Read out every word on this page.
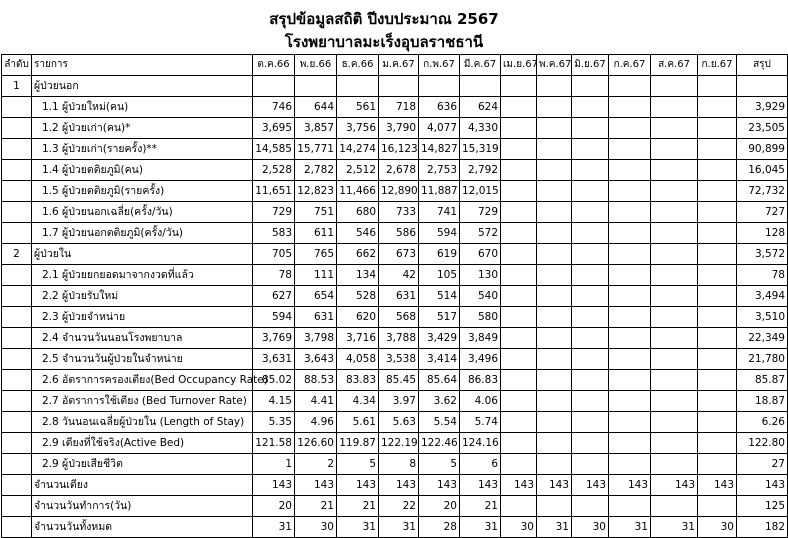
สรุปข้อมูลสถิติ ปีงบประมาณ 2567
โรงพยาบาลมะเร็งอุบลราชธานี
ลำดับ	รายการ	ต.ค.66	พ.ย.66	ธ.ค.66	ม.ค.67	ก.พ.67	มี.ค.67	เม.ย.67	พ.ค.67	มิ.ย.67	ก.ค.67	ส.ค.67	ก.ย.67	สรุป
1	ผู้ป่วยนอก													
	1.1 ผู้ป่วยใหม่(คน)	746	644	561	718	636	624							3,929
	1.2 ผู้ป่วยเก่า(คน)*	3,695	3,857	3,756	3,790	4,077	4,330							23,505
	1.3 ผู้ป่วยเก่า(รายครั้ง)**	14,585	15,771	14,274	16,123	14,827	15,319							90,899
	1.4 ผู้ป่วยตติยภูมิ(คน)	2,528	2,782	2,512	2,678	2,753	2,792							16,045
	1.5 ผู้ป่วยตติยภูมิ(รายครั้ง)	11,651	12,823	11,466	12,890	11,887	12,015							72,732
	1.6 ผู้ป่วยนอกเฉลี่ย(ครั้ง/วัน)	729	751	680	733	741	729							727
	1.7 ผู้ป่วยนอกตติยภูมิ(ครั้ง/วัน)	583	611	546	586	594	572							128
2	ผู้ป่วยใน	705	765	662	673	619	670							3,572
	2.1 ผู้ป่วยยกยอดมาจากงวดที่แล้ว	78	111	134	42	105	130							78
	2.2 ผู้ป่วยรับใหม่	627	654	528	631	514	540							3,494
	2.3 ผู้ป่วยจำหน่าย	594	631	620	568	517	580							3,510
	2.4 จำนวนวันนอนโรงพยาบาล	3,769	3,798	3,716	3,788	3,429	3,849							22,349
	2.5 จำนวนวันผู้ป่วยในจำหน่าย	3,631	3,643	4,058	3,538	3,414	3,496							21,780
	2.6 อัตราการครองเตียง(Bed Occupancy Rate)	85.02	88.53	83.83	85.45	85.64	86.83							85.87
	2.7 อัตราการใช้เตียง (Bed Turnover Rate)	4.15	4.41	4.34	3.97	3.62	4.06							18.87
	2.8 วันนอนเฉลี่ยผู้ป่วยใน (Length of Stay)	5.35	4.96	5.61	5.63	5.54	5.74							6.26
	2.9 เตียงที่ใช้จริง(Active Bed)	121.58	126.60	119.87	122.19	122.46	124.16							122.80
	2.9 ผู้ป่วยเสียชีวิต	1	2	5	8	5	6							27
	จำนวนเตียง	143	143	143	143	143	143	143	143	143	143	143	143	143
	จำนวนวันทำการ(วัน)	20	21	21	22	20	21							125
	จำนวนวันทั้งหมด	31	30	31	31	28	31	30	31	30	31	31	30	182
